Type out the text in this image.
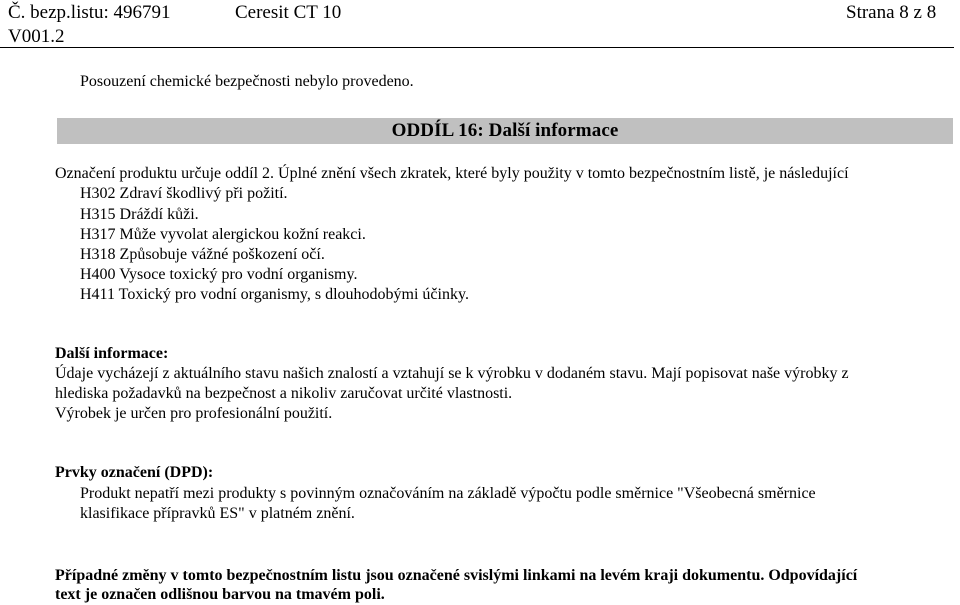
Č. bezp.listu: 496791
V001.2
Ceresit CT 10	Strana 8 z 8
Posouzení chemické bezpečnosti nebylo provedeno.
ODDÍL 16: Další informace
Označení produktu určuje oddíl 2. Úplné znění všech zkratek, které byly použity v tomto bezpečnostním listě, je následující
H302 Zdraví škodlivý při požití.
H315 Dráždí kůži.
H317 Může vyvolat alergickou kožní reakci.
H318 Způsobuje vážné poškození očí.
H400 Vysoce toxický pro vodní organismy.
H411 Toxický pro vodní organismy, s dlouhodobými účinky.
Další informace:
Údaje vycházejí z aktuálního stavu našich znalostí a vztahují se k výrobku v dodaném stavu. Mají popisovat naše výrobky z
hlediska požadavků na bezpečnost a nikoliv zaručovat určité vlastnosti.
Výrobek je určen pro profesionální použití.
Prvky označení (DPD):
Produkt nepatří mezi produkty s povinným označováním na základě výpočtu podle směrnice "Všeobecná směrnice
klasifikace přípravků ES" v platném znění.
Případné změny v tomto bezpečnostním listu jsou označené svislými linkami na levém kraji dokumentu. Odpovídající
text je označen odlišnou barvou na tmavém poli.
